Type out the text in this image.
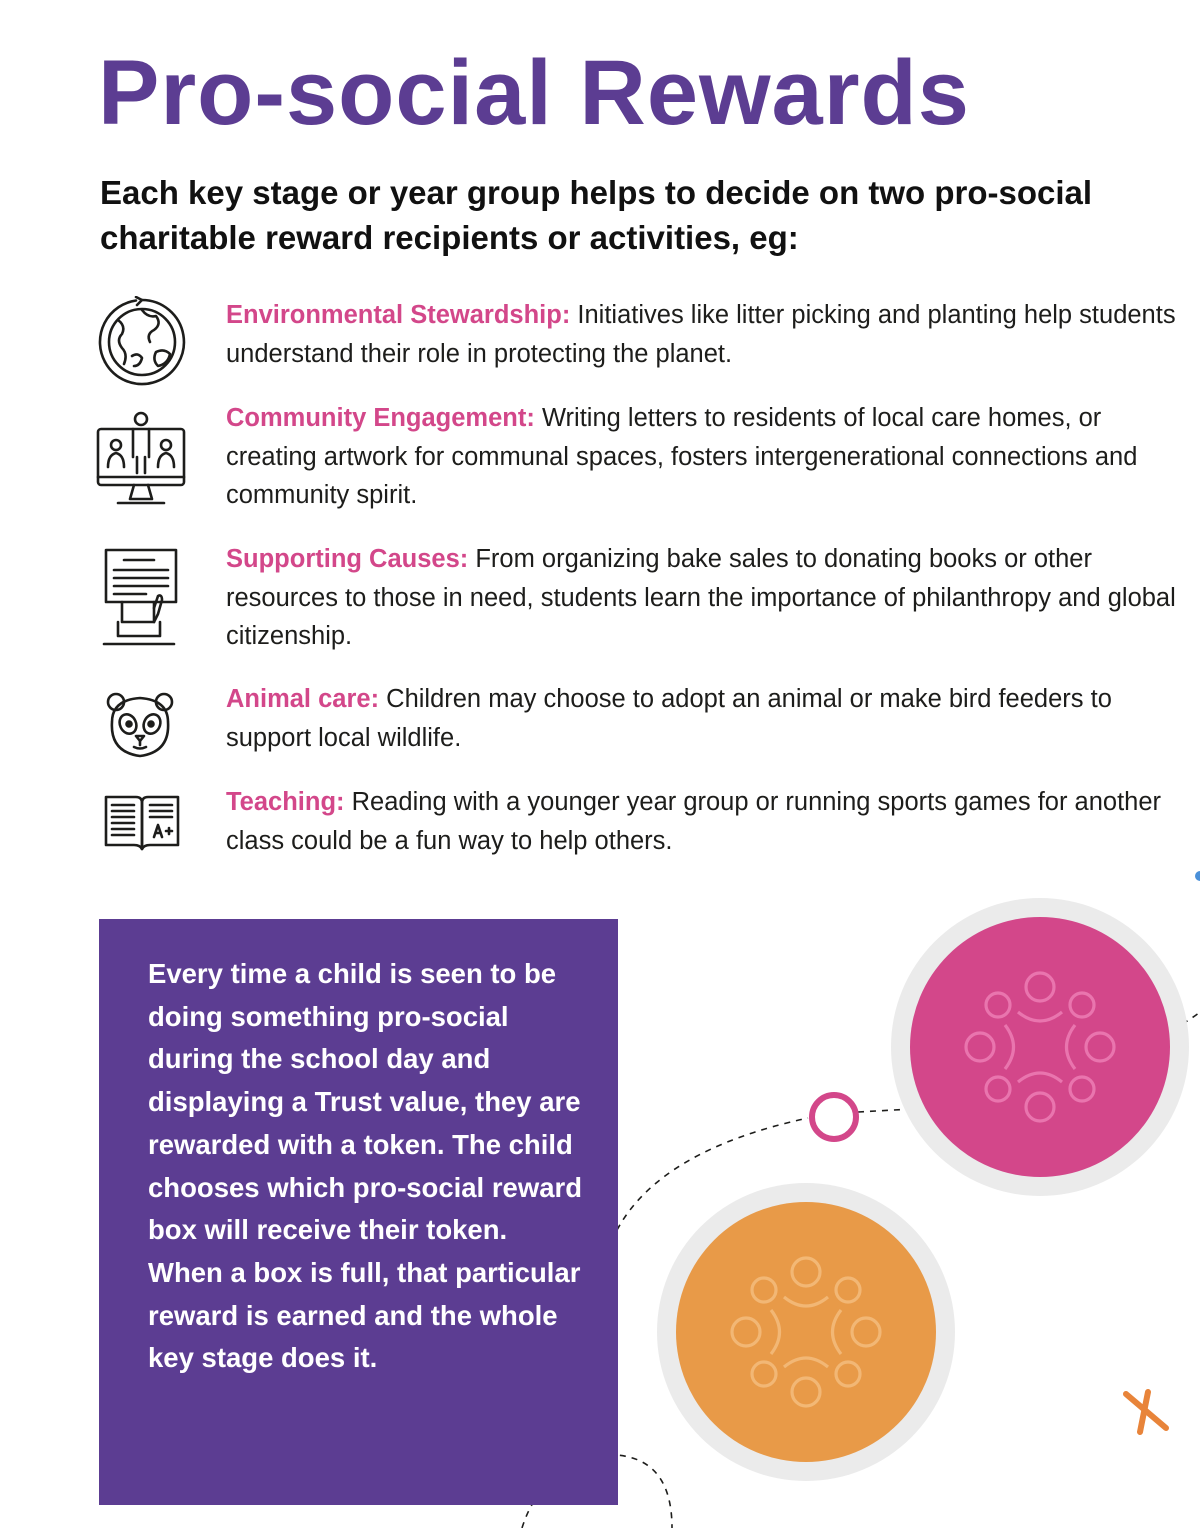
Pro-social Rewards
Each key stage or year group helps to decide on two pro-social charitable reward recipients or activities, eg:
Environmental Stewardship: Initiatives like litter picking and planting help students understand their role in protecting the planet.
Community Engagement: Writing letters to residents of local care homes, or creating artwork for communal spaces, fosters intergenerational connections and community spirit.
Supporting Causes: From organizing bake sales to donating books or other resources to those in need, students learn the importance of philanthropy and global citizenship.
Animal care: Children may choose to adopt an animal or make bird feeders to support local wildlife.
Teaching: Reading with a younger year group or running sports games for another class could be a fun way to help others.
Every time a child is seen to be doing something pro-social during the school day and displaying a Trust value, they are rewarded with a token. The child chooses which pro-social reward box will receive their token. When a box is full, that particular reward is earned and the whole key stage does it.
